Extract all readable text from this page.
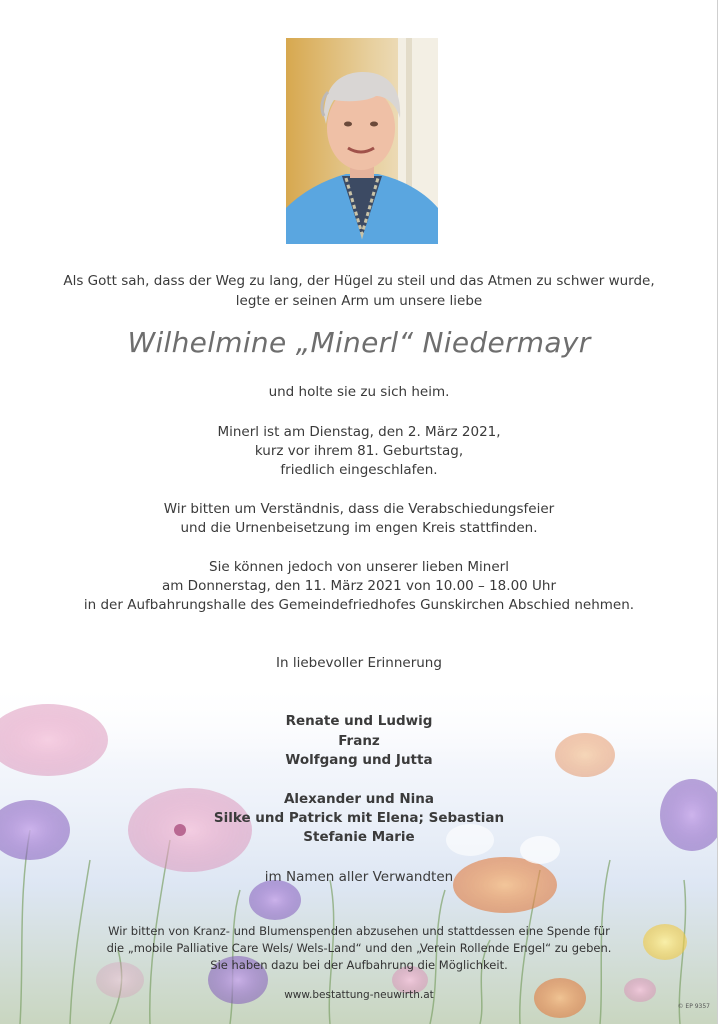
Als Gott sah, dass der Weg zu lang, der Hügel zu steil und das Atmen zu schwer wurde,
legte er seinen Arm um unsere liebe
Wilhelmine „Minerl“ Niedermayr
und holte sie zu sich heim.
Minerl ist am Dienstag, den 2. März 2021,
kurz vor ihrem 81. Geburtstag,
friedlich eingeschlafen.
Wir bitten um Verständnis, dass die Verabschiedungsfeier
und die Urnenbeisetzung im engen Kreis stattfinden.
Sie können jedoch von unserer lieben Minerl
am Donnerstag, den 11. März 2021 von 10.00 – 18.00 Uhr
in der Aufbahrungshalle des Gemeindefriedhofes Gunskirchen Abschied nehmen.
In liebevoller Erinnerung
Renate und Ludwig
Franz
Wolfgang und Jutta
Alexander und Nina
Silke und Patrick mit Elena; Sebastian
Stefanie Marie
im Namen aller Verwandten
Wir bitten von Kranz- und Blumenspenden abzusehen und stattdessen eine Spende für
die „mobile Palliative Care Wels/ Wels-Land“ und den „Verein Rollende Engel“ zu geben.
Sie haben dazu bei der Aufbahrung die Möglichkeit.
www.bestattung-neuwirth.at
© EP 9357
